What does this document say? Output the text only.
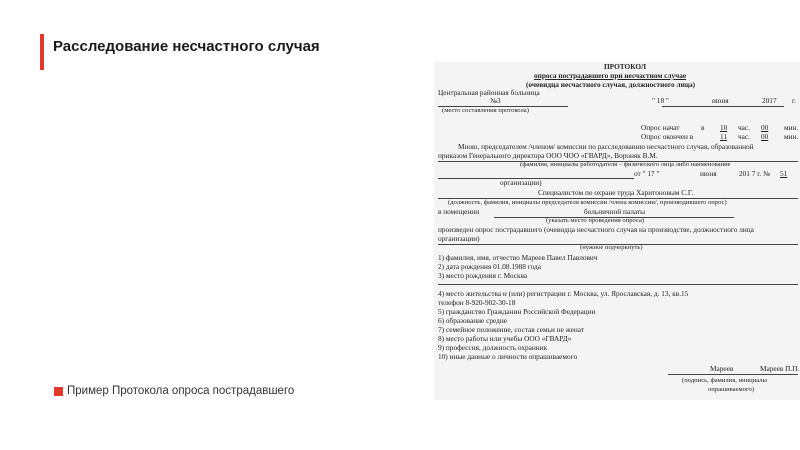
Расследование несчастного случая
ПРОТОКОЛ
опроса пострадавшего при несчастном случае
(очевидца несчастного случая, должностного лица)
Центральная районная больница
№3	" 18 "	июня	2017 г.
(место составления протокола)
Опрос начат	в 10 час. 00 мин.
Опрос окончен в	11 час. 00 мин.
Мною, председателем /членом/ комиссии по расследованию несчастного случая, образованной
приказом Генерального директора ООО ЧОО «ГВАРД», Вороняк В.М.
(фамилия, инициалы работодателя – физического лица либо наименование
от " 17 "	июня	201 7 г. № 51
организации)
Специалистом по охране труда Харитоновым С.Г.
(должность, фамилия, инициалы председателя комиссии /члена комиссии/, производившего опрос)
в помещении	больничной палаты
(указать место проведения опроса)
произведен опрос пострадавшего (очевидца несчастного случая на производстве, должностного лица
организации)
(нужное подчеркнуть)
1) фамилия, имя, отчество Мареев Павел Павлович
2) дата рождения 01.08.1988 года
3) место рождения г. Москва
4) место жительства и (или) регистрации г. Москва, ул. Ярославская, д. 13, кв.15
телефон 8-920-902-30-18
5) гражданство Гражданин Российской Федерации
6) образование средне
7) семейное положение, состав семьи не женат
8) место работы или учебы ООО «ГВАРД»
9) профессия, должность охранник
10) иные данные о личности опрашиваемого
Мареев	Мареев П.П.
(подпись, фамилия, инициалы
опрашиваемого)
Пример Протокола опроса пострадавшего
